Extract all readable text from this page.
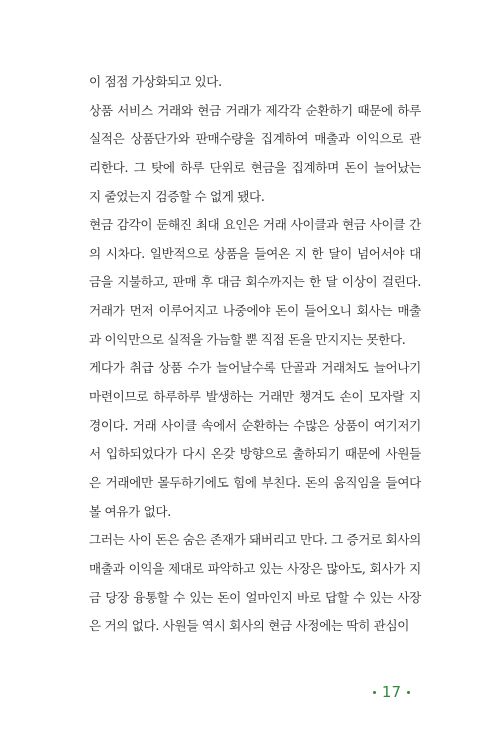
이 점점 가상화되고 있다.
상품 서비스 거래와 현금 거래가 제각각 순환하기 때문에 하루
실적은 상품단가와 판매수량을 집계하여 매출과 이익으로 관
리한다. 그 탓에 하루 단위로 현금을 집계하며 돈이 늘어났는
지 줄었는지 검증할 수 없게 됐다.
현금 감각이 둔해진 최대 요인은 거래 사이클과 현금 사이클 간
의 시차다. 일반적으로 상품을 들여온 지 한 달이 넘어서야 대
금을 지불하고, 판매 후 대금 회수까지는 한 달 이상이 걸린다.
거래가 먼저 이루어지고 나중에야 돈이 들어오니 회사는 매출
과 이익만으로 실적을 가늠할 뿐 직접 돈을 만지지는 못한다.
게다가 취급 상품 수가 늘어날수록 단골과 거래처도 늘어나기
마련이므로 하루하루 발생하는 거래만 챙겨도 손이 모자랄 지
경이다. 거래 사이클 속에서 순환하는 수많은 상품이 여기저기
서 입하되었다가 다시 온갖 방향으로 출하되기 때문에 사원들
은 거래에만 몰두하기에도 힘에 부친다. 돈의 움직임을 들여다
볼 여유가 없다.
그러는 사이 돈은 숨은 존재가 돼버리고 만다. 그 증거로 회사의
매출과 이익을 제대로 파악하고 있는 사장은 많아도, 회사가 지
금 당장 융통할 수 있는 돈이 얼마인지 바로 답할 수 있는 사장
은 거의 없다. 사원들 역시 회사의 현금 사정에는 딱히 관심이
17
